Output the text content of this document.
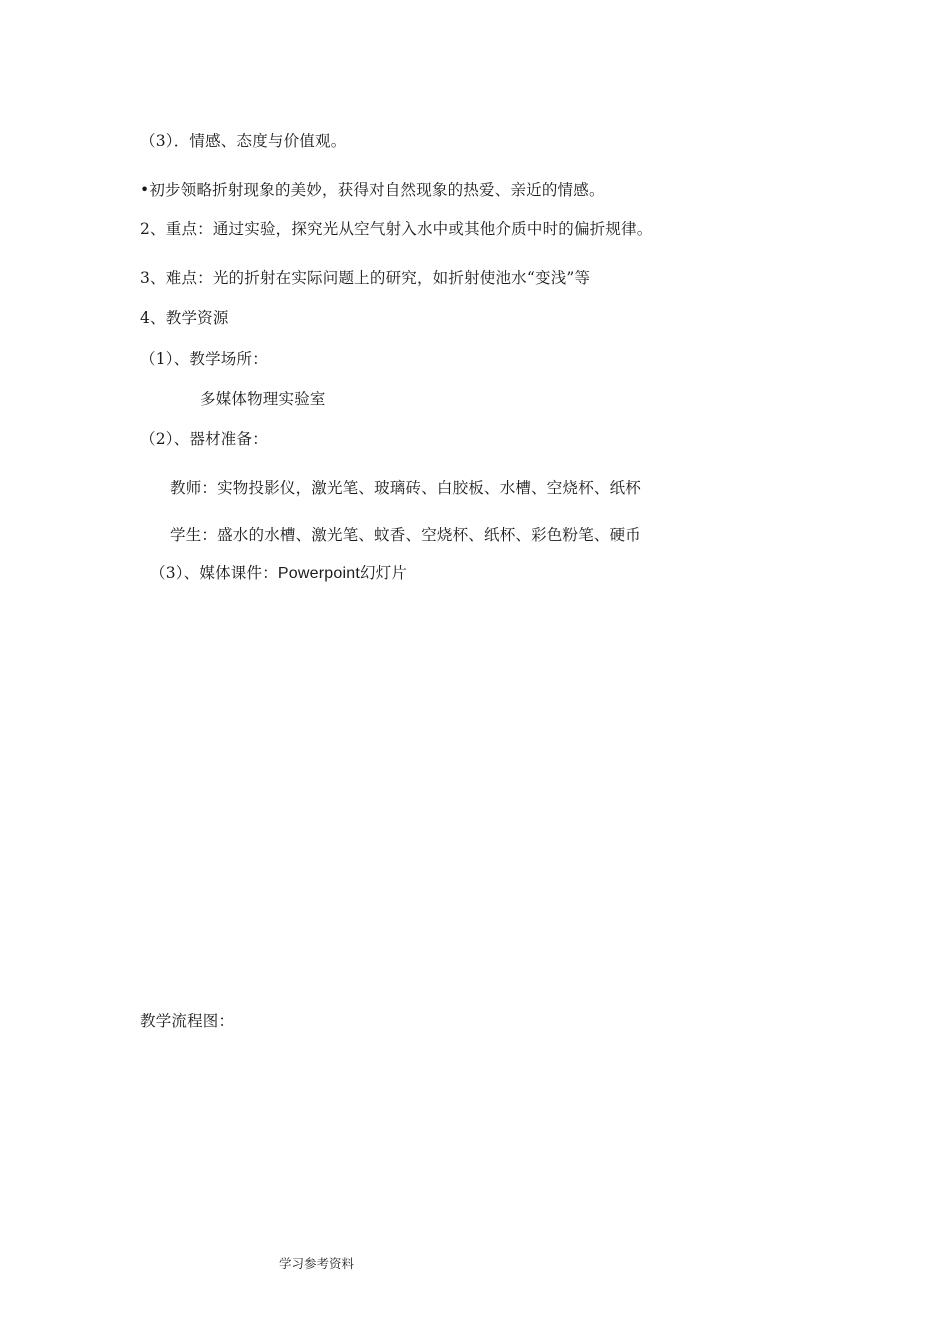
（3）．情感、态度与价值观。
•初步领略折射现象的美妙，获得对自然现象的热爱、亲近的情感。
2、重点：通过实验，探究光从空气射入水中或其他介质中时的偏折规律。
3、难点：光的折射在实际问题上的研究，如折射使池水“变浅”等
4、教学资源
（1）、教学场所：
多媒体物理实验室
（2）、器材准备：
教师：实物投影仪，激光笔、玻璃砖、白胶板、水槽、空烧杯、纸杯
学生：盛水的水槽、激光笔、蚊香、空烧杯、纸杯、彩色粉笔、硬币
（3）、媒体课件：Powerpoint幻灯片
教学流程图：
学习参考资料
